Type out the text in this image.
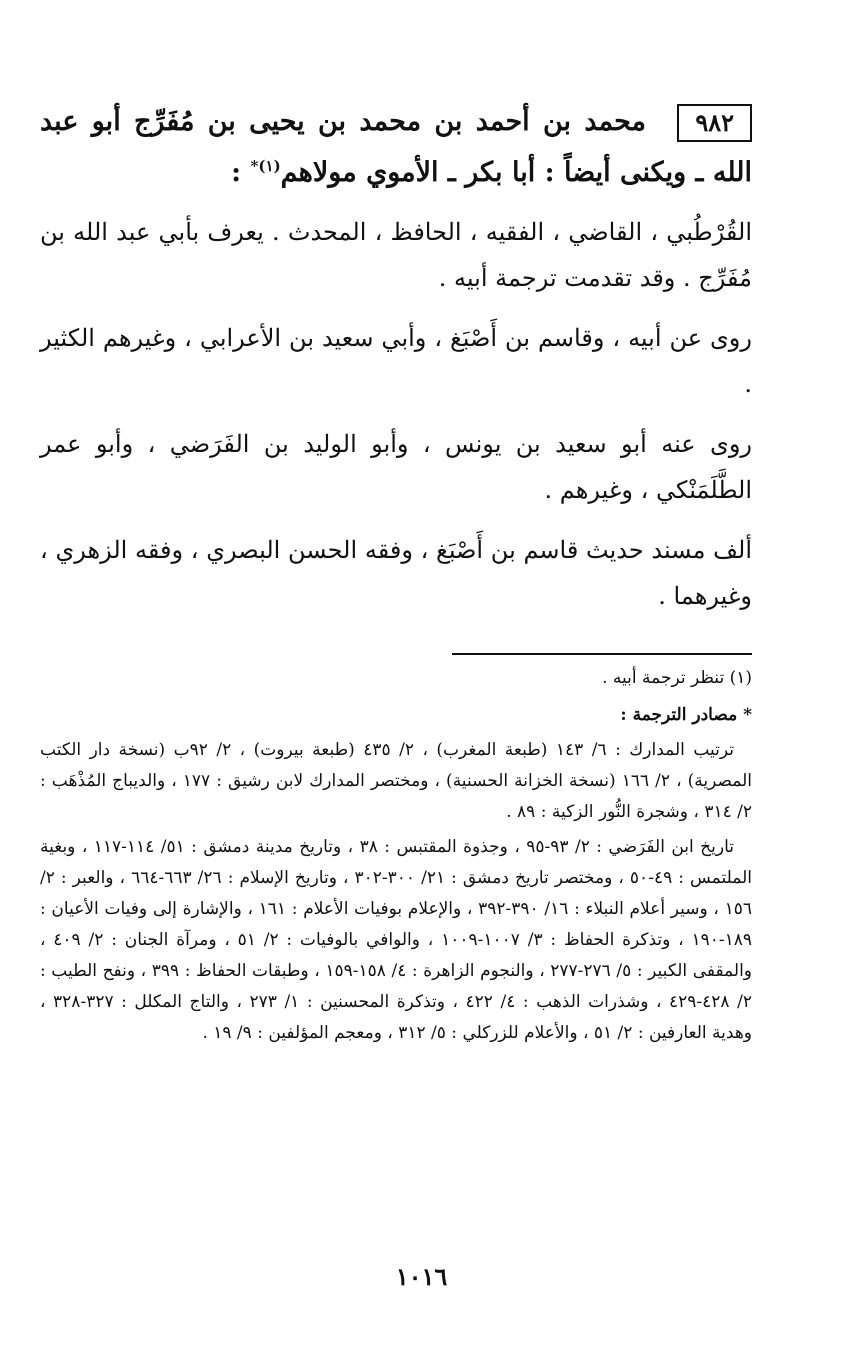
٩٨٢ محمد بن أحمد بن محمد بن يحيى بن مُفَرِّج أبو عبد الله ـ ويكنى أيضاً : أبا بكر ـ الأموي مولاهم$^{(١)*}$ :
القُرْطُبي ، القاضي ، الفقيه ، الحافظ ، المحدث . يعرف بأبي عبد الله بن مُفَرِّج . وقد تقدمت ترجمة أبيه .
روى عن أبيه ، وقاسم بن أَصْبَغ ، وأبي سعيد بن الأعرابي ، وغيرهم الكثير .
روى عنه أبو سعيد بن يونس ، وأبو الوليد بن الفَرَضي ، وأبو عمر الطَّلَمَنْكي ، وغيرهم .
ألف مسند حديث قاسم بن أَصْبَغ ، وفقه الحسن البصري ، وفقه الزهري ، وغيرهما .
(١) تنظر ترجمة أبيه .
* مصادر الترجمة :
ترتيب المدارك : ٦/ ١٤٣ (طبعة المغرب) ، ٢/ ٤٣٥ (طبعة بيروت) ، ٢/ ٩٢ب (نسخة دار الكتب المصرية) ، ٢/ ١٦٦ (نسخة الخزانة الحسنية) ، ومختصر المدارك لابن رشيق : ١٧٧ ، والديباج المُذْهَب : ٢/ ٣١٤ ، وشجرة النُّور الزكية : ٨٩ .
تاريخ ابن الفَرَضي : ٢/ ٩٣-٩٥ ، وجذوة المقتبس : ٣٨ ، وتاريخ مدينة دمشق : ٥١/ ١١٤-١١٧ ، وبغية الملتمس : ٤٩-٥٠ ، ومختصر تاريخ دمشق : ٢١/ ٣٠٠-٣٠٢ ، وتاريخ الإسلام : ٢٦/ ٦٦٣-٦٦٤ ، والعبر : ٢/ ١٥٦ ، وسير أعلام النبلاء : ١٦/ ٣٩٠-٣٩٢ ، والإعلام بوفيات الأعلام : ١٦١ ، والإشارة إلى وفيات الأعيان : ١٨٩-١٩٠ ، وتذكرة الحفاظ : ٣/ ١٠٠٧-١٠٠٩ ، والوافي بالوفيات : ٢/ ٥١ ، ومرآة الجنان : ٢/ ٤٠٩ ، والمقفى الكبير : ٥/ ٢٧٦-٢٧٧ ، والنجوم الزاهرة : ٤/ ١٥٨-١٥٩ ، وطبقات الحفاظ : ٣٩٩ ، ونفح الطيب : ٢/ ٤٢٨-٤٢٩ ، وشذرات الذهب : ٤/ ٤٢٢ ، وتذكرة المحسنين : ١/ ٢٧٣ ، والتاج المكلل : ٣٢٧-٣٢٨ ، وهدية العارفين : ٢/ ٥١ ، والأعلام للزركلي : ٥/ ٣١٢ ، ومعجم المؤلفين : ٩/ ١٩ .
١٠١٦
